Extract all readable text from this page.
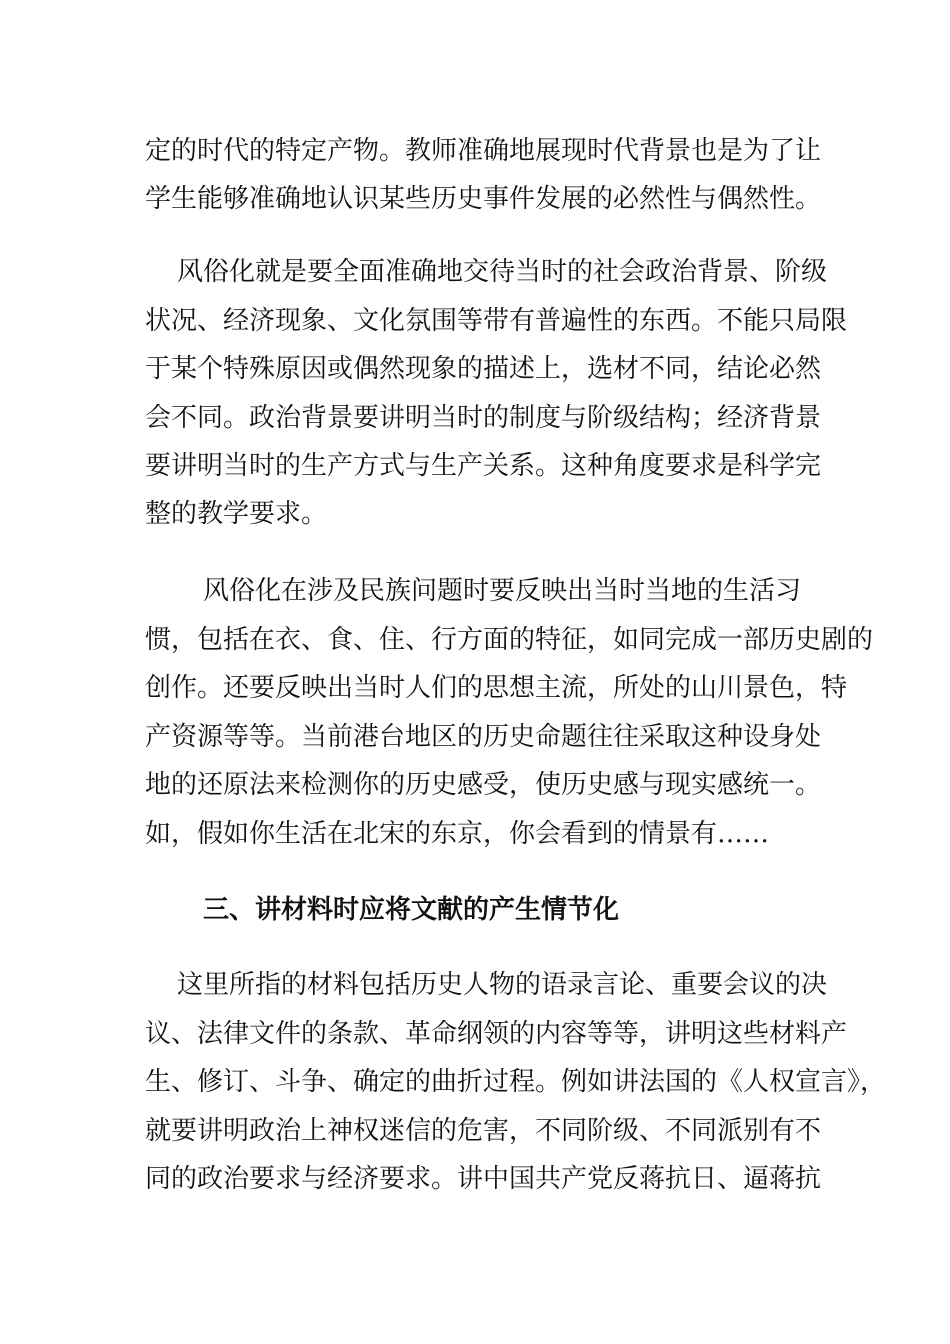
定的时代的特定产物。教师准确地展现时代背景也是为了让
学生能够准确地认识某些历史事件发展的必然性与偶然性。
风俗化就是要全面准确地交待当时的社会政治背景、阶级
状况、经济现象、文化氛围等带有普遍性的东西。不能只局限
于某个特殊原因或偶然现象的描述上，选材不同，结论必然
会不同。政治背景要讲明当时的制度与阶级结构；经济背景
要讲明当时的生产方式与生产关系。这种角度要求是科学完
整的教学要求。
风俗化在涉及民族问题时要反映出当时当地的生活习
惯，包括在衣、食、住、行方面的特征，如同完成一部历史剧的
创作。还要反映出当时人们的思想主流，所处的山川景色，特
产资源等等。当前港台地区的历史命题往往采取这种设身处
地的还原法来检测你的历史感受，使历史感与现实感统一。
如，假如你生活在北宋的东京，你会看到的情景有……
三、讲材料时应将文献的产生情节化
这里所指的材料包括历史人物的语录言论、重要会议的决
议、法律文件的条款、革命纲领的内容等等，讲明这些材料产
生、修订、斗争、确定的曲折过程。例如讲法国的《人权宣言》，
就要讲明政治上神权迷信的危害，不同阶级、不同派别有不
同的政治要求与经济要求。讲中国共产党反蒋抗日、逼蒋抗
